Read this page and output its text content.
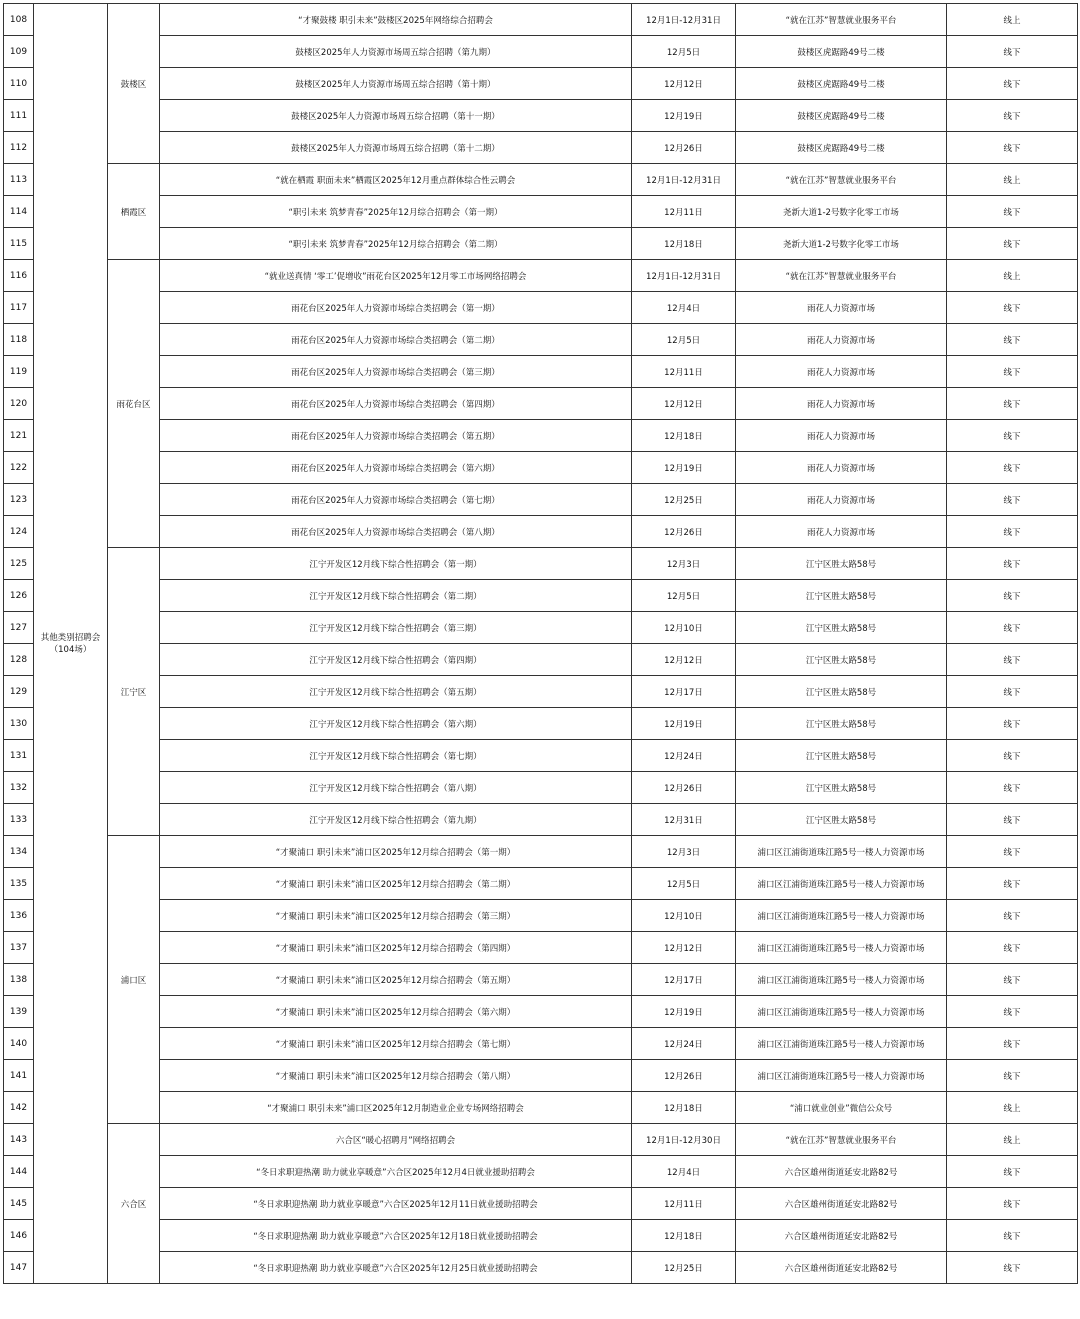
108	其他类别招聘会（104场）	鼓楼区	“才聚鼓楼 职引未来”鼓楼区2025年网络综合招聘会	12月1日-12月31日	“就在江苏”智慧就业服务平台	线上
109			鼓楼区2025年人力资源市场周五综合招聘（第九期）	12月5日	鼓楼区虎踞路49号二楼	线下
110			鼓楼区2025年人力资源市场周五综合招聘（第十期）	12月12日	鼓楼区虎踞路49号二楼	线下
111			鼓楼区2025年人力资源市场周五综合招聘（第十一期）	12月19日	鼓楼区虎踞路49号二楼	线下
112			鼓楼区2025年人力资源市场周五综合招聘（第十二期）	12月26日	鼓楼区虎踞路49号二楼	线下
113		栖霞区	“就在栖霞 职面未来”栖霞区2025年12月重点群体综合性云聘会	12月1日-12月31日	“就在江苏”智慧就业服务平台	线上
114			“职引未来 筑梦青春”2025年12月综合招聘会（第一期）	12月11日	尧新大道1-2号数字化零工市场	线下
115			“职引未来 筑梦青春”2025年12月综合招聘会（第二期）	12月18日	尧新大道1-2号数字化零工市场	线下
116		雨花台区	“就业送真情 ‘零工’促增收”雨花台区2025年12月零工市场网络招聘会	12月1日-12月31日	“就在江苏”智慧就业服务平台	线上
117			雨花台区2025年人力资源市场综合类招聘会（第一期）	12月4日	雨花人力资源市场	线下
118			雨花台区2025年人力资源市场综合类招聘会（第二期）	12月5日	雨花人力资源市场	线下
119			雨花台区2025年人力资源市场综合类招聘会（第三期）	12月11日	雨花人力资源市场	线下
120			雨花台区2025年人力资源市场综合类招聘会（第四期）	12月12日	雨花人力资源市场	线下
121			雨花台区2025年人力资源市场综合类招聘会（第五期）	12月18日	雨花人力资源市场	线下
122			雨花台区2025年人力资源市场综合类招聘会（第六期）	12月19日	雨花人力资源市场	线下
123			雨花台区2025年人力资源市场综合类招聘会（第七期）	12月25日	雨花人力资源市场	线下
124			雨花台区2025年人力资源市场综合类招聘会（第八期）	12月26日	雨花人力资源市场	线下
125		江宁区	江宁开发区12月线下综合性招聘会（第一期）	12月3日	江宁区胜太路58号	线下
126			江宁开发区12月线下综合性招聘会（第二期）	12月5日	江宁区胜太路58号	线下
127			江宁开发区12月线下综合性招聘会（第三期）	12月10日	江宁区胜太路58号	线下
128			江宁开发区12月线下综合性招聘会（第四期）	12月12日	江宁区胜太路58号	线下
129			江宁开发区12月线下综合性招聘会（第五期）	12月17日	江宁区胜太路58号	线下
130			江宁开发区12月线下综合性招聘会（第六期）	12月19日	江宁区胜太路58号	线下
131			江宁开发区12月线下综合性招聘会（第七期）	12月24日	江宁区胜太路58号	线下
132			江宁开发区12月线下综合性招聘会（第八期）	12月26日	江宁区胜太路58号	线下
133			江宁开发区12月线下综合性招聘会（第九期）	12月31日	江宁区胜太路58号	线下
134		浦口区	“才聚浦口 职引未来”浦口区2025年12月综合招聘会（第一期）	12月3日	浦口区江浦街道珠江路5号一楼人力资源市场	线下
135			“才聚浦口 职引未来”浦口区2025年12月综合招聘会（第二期）	12月5日	浦口区江浦街道珠江路5号一楼人力资源市场	线下
136			“才聚浦口 职引未来”浦口区2025年12月综合招聘会（第三期）	12月10日	浦口区江浦街道珠江路5号一楼人力资源市场	线下
137			“才聚浦口 职引未来”浦口区2025年12月综合招聘会（第四期）	12月12日	浦口区江浦街道珠江路5号一楼人力资源市场	线下
138			“才聚浦口 职引未来”浦口区2025年12月综合招聘会（第五期）	12月17日	浦口区江浦街道珠江路5号一楼人力资源市场	线下
139			“才聚浦口 职引未来”浦口区2025年12月综合招聘会（第六期）	12月19日	浦口区江浦街道珠江路5号一楼人力资源市场	线下
140			“才聚浦口 职引未来”浦口区2025年12月综合招聘会（第七期）	12月24日	浦口区江浦街道珠江路5号一楼人力资源市场	线下
141			“才聚浦口 职引未来”浦口区2025年12月综合招聘会（第八期）	12月26日	浦口区江浦街道珠江路5号一楼人力资源市场	线下
142			“才聚浦口 职引未来”浦口区2025年12月制造业企业专场网络招聘会	12月18日	“浦口就业创业”微信公众号	线上
143		六合区	六合区“暖心招聘月”网络招聘会	12月1日-12月30日	“就在江苏”智慧就业服务平台	线上
144			“冬日求职迎热潮 助力就业享暖意”六合区2025年12月4日就业援助招聘会	12月4日	六合区雄州街道延安北路82号	线下
145			“冬日求职迎热潮 助力就业享暖意”六合区2025年12月11日就业援助招聘会	12月11日	六合区雄州街道延安北路82号	线下
146			“冬日求职迎热潮 助力就业享暖意”六合区2025年12月18日就业援助招聘会	12月18日	六合区雄州街道延安北路82号	线下
147			“冬日求职迎热潮 助力就业享暖意”六合区2025年12月25日就业援助招聘会	12月25日	六合区雄州街道延安北路82号	线下
